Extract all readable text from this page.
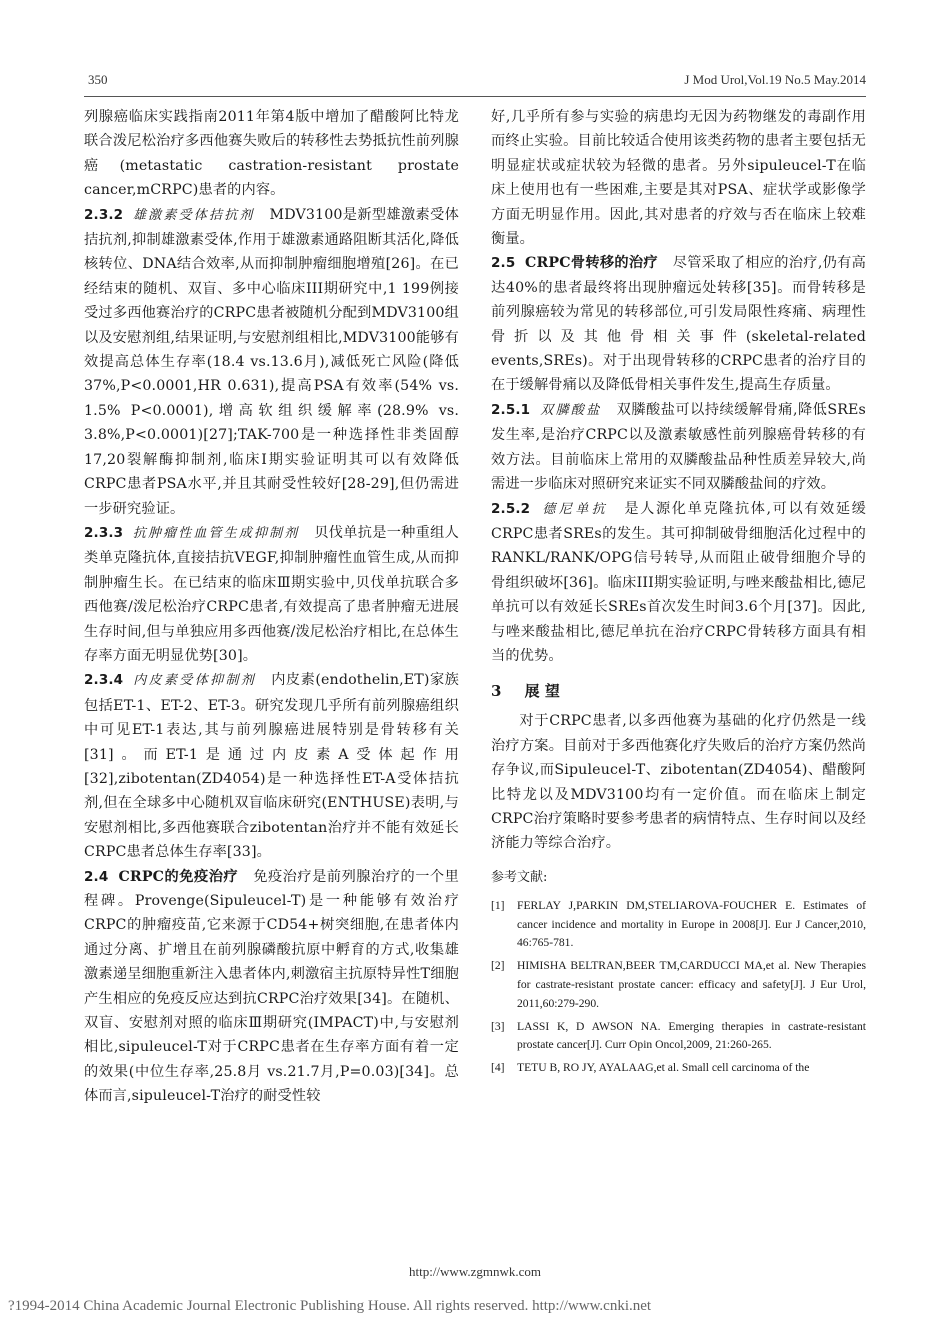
350	J Mod Urol,Vol.19 No.5 May.2014

列腺癌临床实践指南2011年第4版中增加了醋酸阿比特龙联合泼尼松治疗多西他赛失败后的转移性去势抵抗性前列腺癌(metastatic castration-resistant prostate cancer,mCRPC)患者的内容。

2.3.2 雄激素受体拮抗剂 MDV3100是新型雄激素受体拮抗剂,抑制雄激素受体,作用于雄激素通路阻断其活化,降低核转位、DNA结合效率,从而抑制肿瘤细胞增殖[26]。在已经结束的随机、双盲、多中心临床III期研究中,1 199例接受过多西他赛治疗的CRPC患者被随机分配到MDV3100组以及安慰剂组,结果证明,与安慰剂组相比,MDV3100能够有效提高总体生存率(18.4 vs.13.6月),减低死亡风险(降低37%,P<0.0001,HR 0.631),提高PSA有效率(54% vs. 1.5% P<0.0001),增高软组织缓解率(28.9% vs. 3.8%,P<0.0001)[27];TAK-700是一种选择性非类固醇17,20裂解酶抑制剂,临床Ⅰ期实验证明其可以有效降低CRPC患者PSA水平,并且其耐受性较好[28-29],但仍需进一步研究验证。

2.3.3 抗肿瘤性血管生成抑制剂 贝伐单抗是一种重组人类单克隆抗体,直接拮抗VEGF,抑制肿瘤性血管生成,从而抑制肿瘤生长。在已结束的临床Ⅲ期实验中,贝伐单抗联合多西他赛/泼尼松治疗CRPC患者,有效提高了患者肿瘤无进展生存时间,但与单独应用多西他赛/泼尼松治疗相比,在总体生存率方面无明显优势[30]。

2.3.4 内皮素受体抑制剂 内皮素(endothelin,ET)家族包括ET-1、ET-2、ET-3。研究发现几乎所有前列腺癌组织中可见ET-1表达,其与前列腺癌进展特别是骨转移有关[31]。而ET-1是通过内皮素A受体起作用[32],zibotentan(ZD4054)是一种选择性ET-A受体拮抗剂,但在全球多中心随机双盲临床研究(ENTHUSE)表明,与安慰剂相比,多西他赛联合zibotentan治疗并不能有效延长CRPC患者总体生存率[33]。

2.4 CRPC的免疫治疗 免疫治疗是前列腺治疗的一个里程碑。Provenge(Sipuleucel-T)是一种能够有效治疗CRPC的肿瘤疫苗,它来源于CD54+树突细胞,在患者体内通过分离、扩增且在前列腺磷酸抗原中孵育的方式,收集雄激素递呈细胞重新注入患者体内,刺激宿主抗原特异性T细胞产生相应的免疫反应达到抗CRPC治疗效果[34]。在随机、双盲、安慰剂对照的临床Ⅲ期研究(IMPACT)中,与安慰剂相比,sipuleucel-T对于CRPC患者在生存率方面有着一定的效果(中位生存率,25.8月 vs.21.7月,P=0.03)[34]。总体而言,sipuleucel-T治疗的耐受性较

好,几乎所有参与实验的病患均无因为药物继发的毒副作用而终止实验。目前比较适合使用该类药物的患者主要包括无明显症状或症状较为轻微的患者。另外sipuleucel-T在临床上使用也有一些困难,主要是其对PSA、症状学或影像学方面无明显作用。因此,其对患者的疗效与否在临床上较难衡量。

2.5 CRPC骨转移的治疗 尽管采取了相应的治疗,仍有高达40%的患者最终将出现肿瘤远处转移[35]。而骨转移是前列腺癌较为常见的转移部位,可引发局限性疼痛、病理性骨折以及其他骨相关事件(skeletal-related events,SREs)。对于出现骨转移的CRPC患者的治疗目的在于缓解骨痛以及降低骨相关事件发生,提高生存质量。

2.5.1 双膦酸盐 双膦酸盐可以持续缓解骨痛,降低SREs发生率,是治疗CRPC以及激素敏感性前列腺癌骨转移的有效方法。目前临床上常用的双膦酸盐品种性质差异较大,尚需进一步临床对照研究来证实不同双膦酸盐间的疗效。

2.5.2 德尼单抗 是人源化单克隆抗体,可以有效延缓CRPC患者SREs的发生。其可抑制破骨细胞活化过程中的RANKL/RANK/OPG信号转导,从而阻止破骨细胞介导的骨组织破坏[36]。临床III期实验证明,与唑来酸盐相比,德尼单抗可以有效延长SREs首次发生时间3.6个月[37]。因此,与唑来酸盐相比,德尼单抗在治疗CRPC骨转移方面具有相当的优势。

3 展 望

对于CRPC患者,以多西他赛为基础的化疗仍然是一线治疗方案。目前对于多西他赛化疗失败后的治疗方案仍然尚存争议,而Sipuleucel-T、zibotentan(ZD4054)、醋酸阿比特龙以及MDV3100均有一定价值。而在临床上制定CRPC治疗策略时要参考患者的病情特点、生存时间以及经济能力等综合治疗。

参考文献:
[1]	FERLAY J,PARKIN DM,STELIAROVA-FOUCHER E. Estimates of cancer incidence and mortality in Europe in 2008[J]. Eur J Cancer,2010, 46:765-781.
[2]	HIMISHA BELTRAN,BEER TM,CARDUCCI MA,et al. New Therapies for castrate-resistant prostate cancer: efficacy and safety[J]. J Eur Urol, 2011,60:279-290.
[3]	LASSI K, D AWSON NA. Emerging therapies in castrate-resistant prostate cancer[J]. Curr Opin Oncol,2009, 21:260-265.
[4]	TETU B, RO JY, AYALAAG,et al. Small cell carcinoma of the
http://www.zgmnwk.com
?1994-2014 China Academic Journal Electronic Publishing House. All rights reserved. http://www.cnki.net
